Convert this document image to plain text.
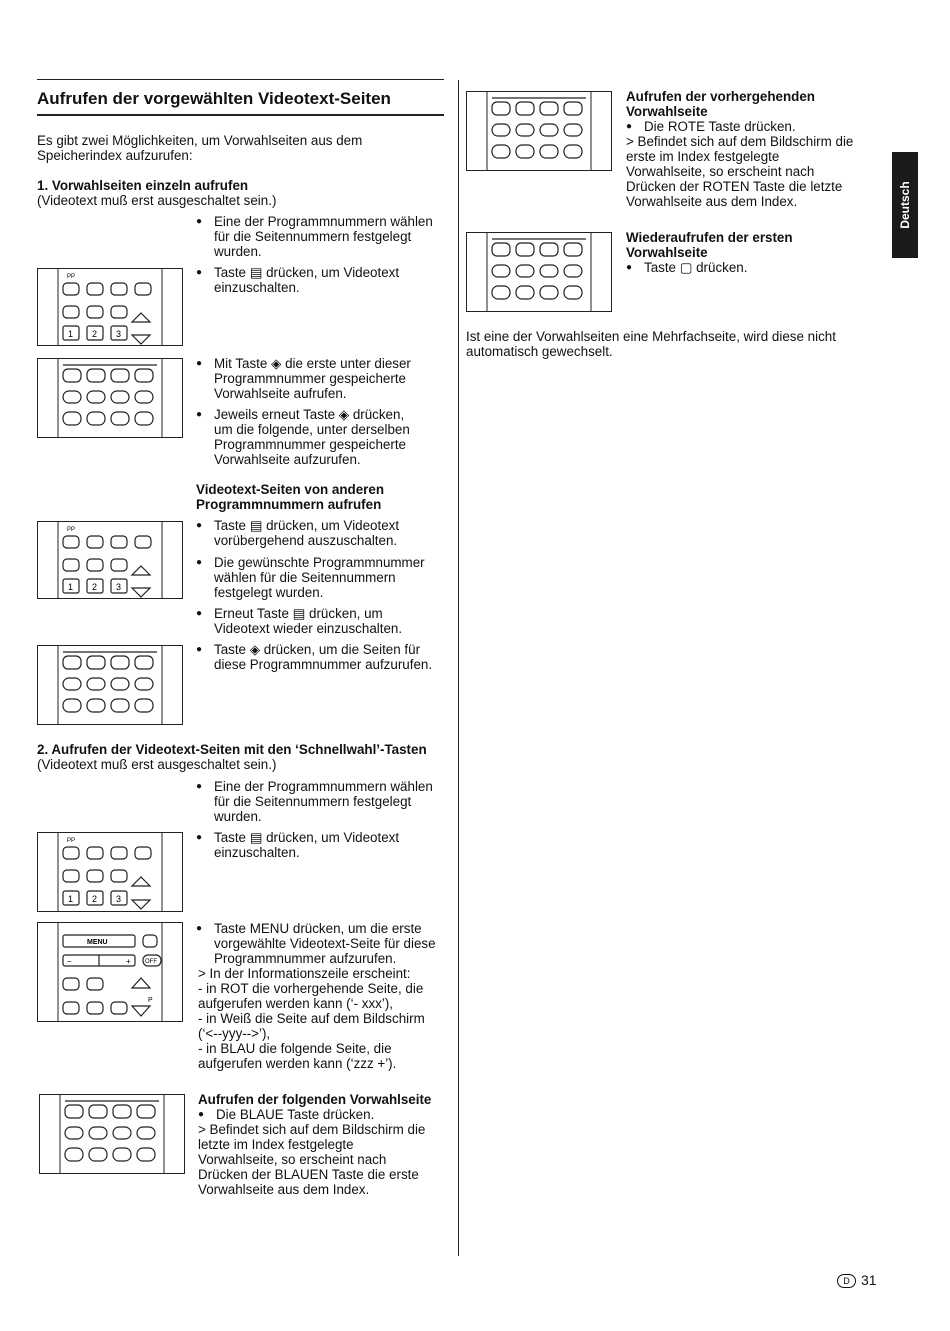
Aufrufen der vorgewählten Videotext-Seiten
Es gibt zwei Möglichkeiten, um Vorwahlseiten aus dem
Speicherindex aufzurufen:
1. Vorwahlseiten einzeln aufrufen
(Videotext muß erst ausgeschaltet sein.)
● Eine der Programmnummern wählen
für die Seitennummern festgelegt
wurden.
● Taste ▤ drücken, um Videotext
einzuschalten.
● Mit Taste ◈ die erste unter dieser
Programmnummer gespeicherte
Vorwahlseite aufrufen.
● Jeweils erneut Taste ◈ drücken,
um die folgende, unter derselben
Programmnummer gespeicherte
Vorwahlseite aufzurufen.
Videotext-Seiten von anderen
Programmnummern aufrufen
● Taste ▤ drücken, um Videotext
vorübergehend auszuschalten.
● Die gewünschte Programmnummer
wählen für die Seitennummern
festgelegt wurden.
● Erneut Taste ▤ drücken, um
Videotext wieder einzuschalten.
● Taste ◈ drücken, um die Seiten für
diese Programmnummer aufzurufen.
2. Aufrufen der Videotext-Seiten mit den ‘Schnellwahl’-Tasten
(Videotext muß erst ausgeschaltet sein.)
● Eine der Programmnummern wählen
für die Seitennummern festgelegt
wurden.
● Taste ▤ drücken, um Videotext
einzuschalten.
● Taste MENU drücken, um die erste
vorgewählte Videotext-Seite für diese
Programmnummer aufzurufen.
> In der Informationszeile erscheint:
- in ROT die vorhergehende Seite, die
aufgerufen werden kann (‘- xxx’),
- in Weiß die Seite auf dem Bildschirm
(‘<--yyy-->’),
- in BLAU die folgende Seite, die
aufgerufen werden kann (‘zzz +’).
Aufrufen der folgenden Vorwahlseite
● Die BLAUE Taste drücken.
> Befindet sich auf dem Bildschirm die
letzte im Index festgelegte
Vorwahlseite, so erscheint nach
Drücken der BLAUEN Taste die erste
Vorwahlseite aus dem Index.
Aufrufen der vorhergehenden
Vorwahlseite
● Die ROTE Taste drücken.
> Befindet sich auf dem Bildschirm die
erste im Index festgelegte
Vorwahlseite, so erscheint nach
Drücken der ROTEN Taste die letzte
Vorwahlseite aus dem Index.
Wiederaufrufen der ersten
Vorwahlseite
● Taste ▢ drücken.
Ist eine der Vorwahlseiten eine Mehrfachseite, wird diese nicht
automatisch gewechselt.
Deutsch
D 31
PP
1 2 3
PP
1 2 3
PP
1 2 3
MENU
−	+ OFF
P
